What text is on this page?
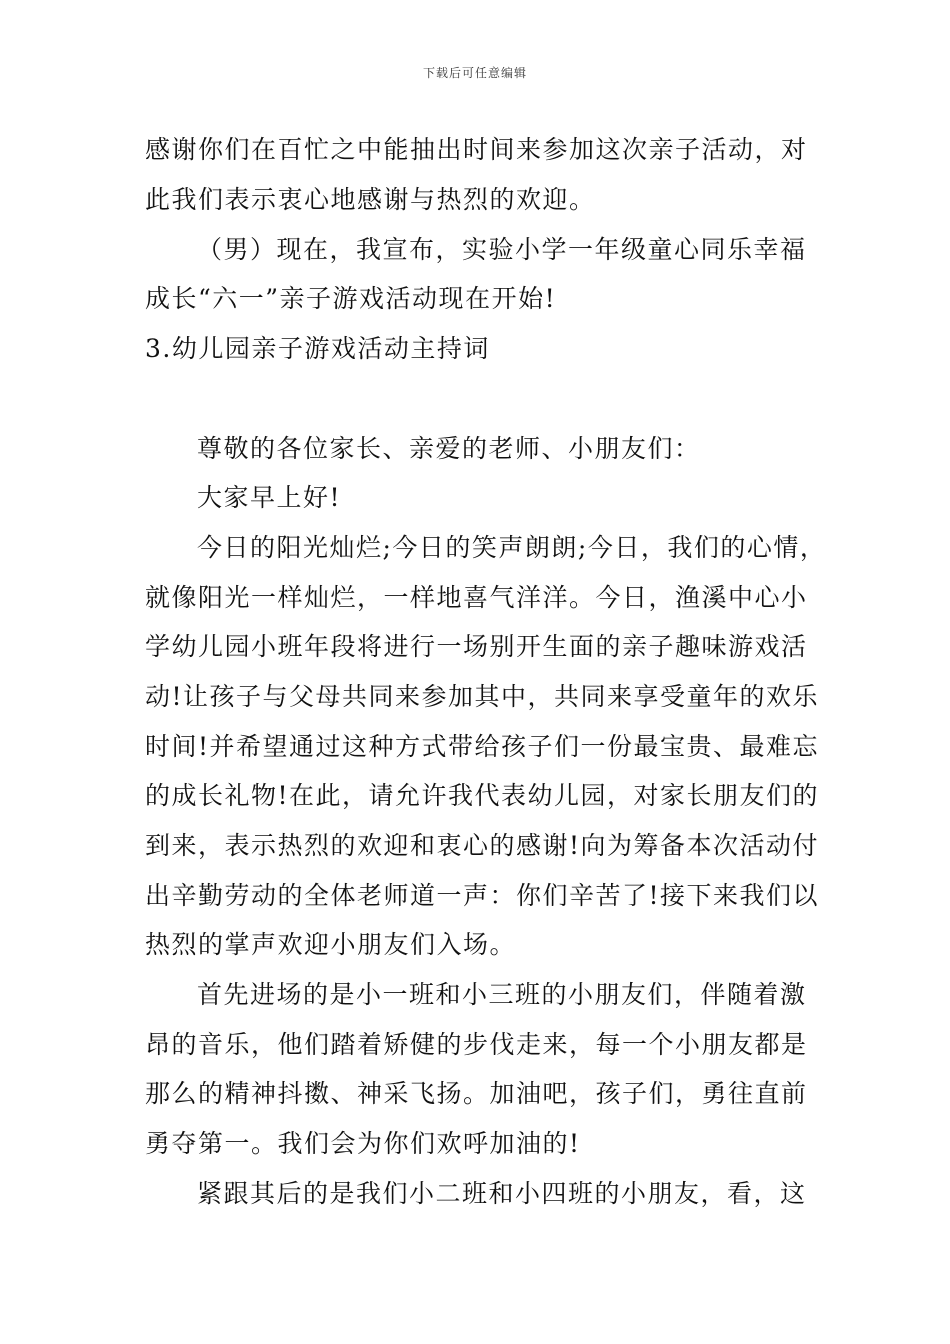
下载后可任意编辑
感谢你们在百忙之中能抽出时间来参加这次亲子活动，对
此我们表示衷心地感谢与热烈的欢迎。
（男）现在，我宣布，实验小学一年级童心同乐幸福
成长“六一”亲子游戏活动现在开始!
3.幼儿园亲子游戏活动主持词
尊敬的各位家长、亲爱的老师、小朋友们：
大家早上好!
今日的阳光灿烂;今日的笑声朗朗;今日，我们的心情，
就像阳光一样灿烂，一样地喜气洋洋。今日，渔溪中心小
学幼儿园小班年段将进行一场别开生面的亲子趣味游戏活
动!让孩子与父母共同来参加其中，共同来享受童年的欢乐
时间!并希望通过这种方式带给孩子们一份最宝贵、最难忘
的成长礼物!在此，请允许我代表幼儿园，对家长朋友们的
到来，表示热烈的欢迎和衷心的感谢!向为筹备本次活动付
出辛勤劳动的全体老师道一声：你们辛苦了!接下来我们以
热烈的掌声欢迎小朋友们入场。
首先进场的是小一班和小三班的小朋友们，伴随着激
昂的音乐，他们踏着矫健的步伐走来，每一个小朋友都是
那么的精神抖擞、神采飞扬。加油吧，孩子们，勇往直前
勇夺第一。我们会为你们欢呼加油的!
紧跟其后的是我们小二班和小四班的小朋友，看，这
